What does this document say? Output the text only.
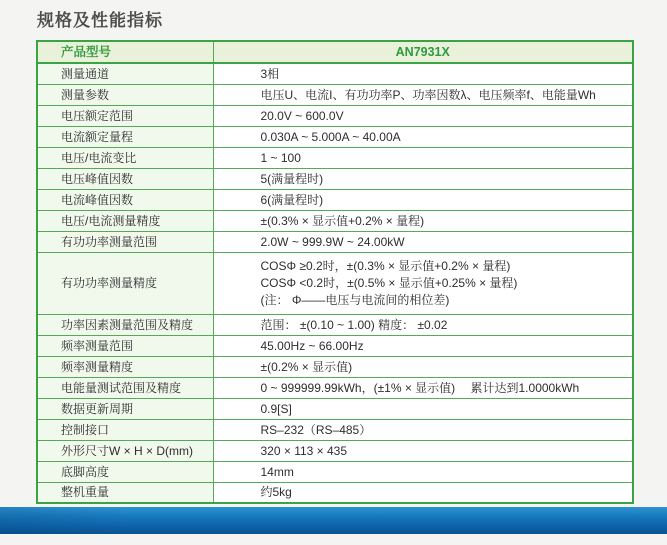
规格及性能指标
产品型号	AN7931X
测量通道	3相
测量参数	电压U、电流I、有功功率P、功率因数λ、电压频率f、电能量Wh
电压额定范围	20.0V ~ 600.0V
电流额定量程	0.030A ~ 5.000A ~ 40.00A
电压/电流变比	1 ~ 100
电压峰值因数	5(满量程时)
电流峰值因数	6(满量程时)
电压/电流测量精度	±(0.3% × 显示值+0.2% × 量程)
有功功率测量范围	2.0W ~ 999.9W ~ 24.00kW
有功功率测量精度	COSΦ ≥0.2时，±(0.3% × 显示值+0.2% × 量程)
COSΦ <0.2时，±(0.5% × 显示值+0.25% × 量程)
(注： Φ——电压与电流间的相位差)

功率因素测量范围及精度	范围： ±(0.10 ~ 1.00) 精度： ±0.02
频率测量范围	45.00Hz ~ 66.00Hz
频率测量精度	±(0.2% × 显示值)
电能量测试范围及精度	0 ~ 999999.99kWh，(±1% × 显示值)　 累计达到1.0000kWh
数据更新周期	0.9[S]
控制接口	RS–232（RS–485）
外形尺寸W × H × D(mm)	320 × 113 × 435
底脚高度	14mm
整机重量	约5kg
